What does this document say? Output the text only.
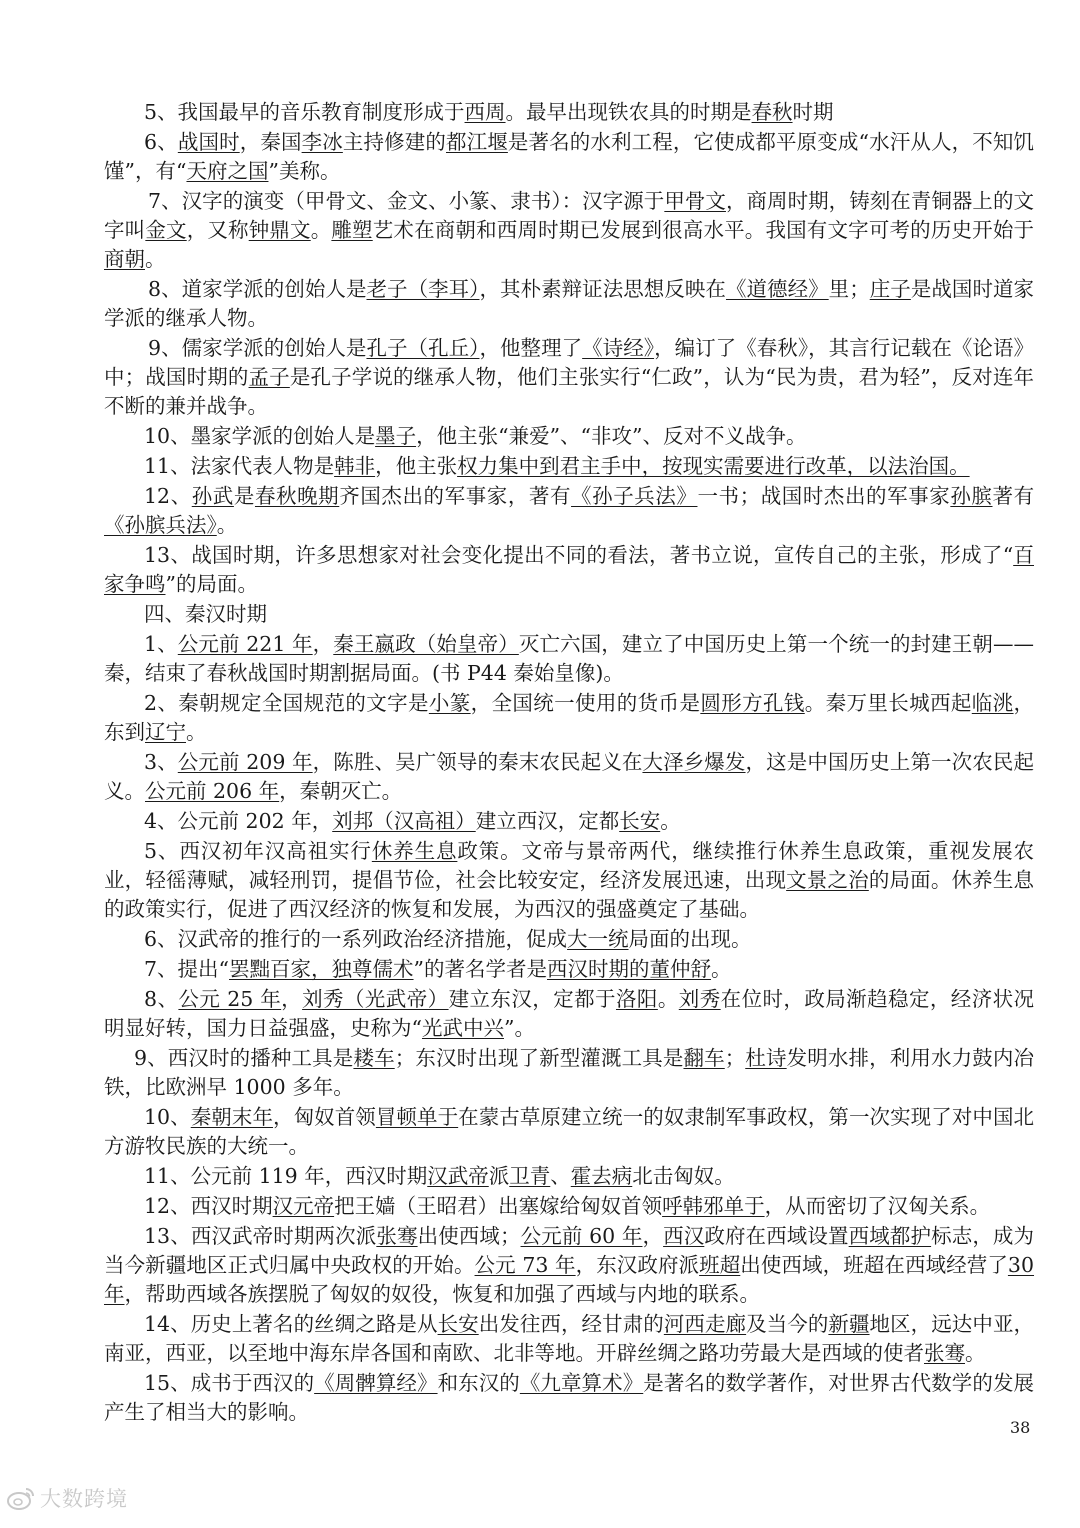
5、我国最早的音乐教育制度形成于西周。最早出现铁农具的时期是春秋时期

6、战国时，秦国李冰主持修建的都江堰是著名的水利工程，它使成都平原变成“水汗从人，不知饥馑”，有“天府之国”美称。

7、汉字的演变（甲骨文、金文、小篆、隶书）：汉字源于甲骨文，商周时期，铸刻在青铜器上的文字叫金文，又称钟鼎文。雕塑艺术在商朝和西周时期已发展到很高水平。我国有文字可考的历史开始于商朝。

8、道家学派的创始人是老子（李耳），其朴素辩证法思想反映在《道德经》里；庄子是战国时道家学派的继承人物。

9、儒家学派的创始人是孔子（孔丘），他整理了《诗经》，编订了《春秋》，其言行记载在《论语》中；战国时期的孟子是孔子学说的继承人物，他们主张实行“仁政”，认为“民为贵，君为轻”，反对连年不断的兼并战争。

10、墨家学派的创始人是墨子，他主张“兼爱”、“非攻”、反对不义战争。

11、法家代表人物是韩非，他主张权力集中到君主手中，按现实需要进行改革，以法治国。

12、孙武是春秋晚期齐国杰出的军事家，著有《孙子兵法》一书；战国时杰出的军事家孙膑著有《孙膑兵法》。

13、战国时期，许多思想家对社会变化提出不同的看法，著书立说，宣传自己的主张，形成了“百家争鸣”的局面。

四、秦汉时期

1、公元前 221 年，秦王嬴政（始皇帝）灭亡六国，建立了中国历史上第一个统一的封建王朝——秦，结束了春秋战国时期割据局面。(书 P44 秦始皇像)。

2、秦朝规定全国规范的文字是小篆，全国统一使用的货币是圆形方孔钱。秦万里长城西起临洮，东到辽宁。

3、公元前 209 年，陈胜、吴广领导的秦末农民起义在大泽乡爆发，这是中国历史上第一次农民起义。公元前 206 年，秦朝灭亡。

4、公元前 202 年，刘邦（汉高祖）建立西汉，定都长安。

5、西汉初年汉高祖实行休养生息政策。文帝与景帝两代，继续推行休养生息政策，重视发展农业，轻徭薄赋，减轻刑罚，提倡节俭，社会比较安定，经济发展迅速，出现文景之治的局面。休养生息的政策实行，促进了西汉经济的恢复和发展，为西汉的强盛奠定了基础。

6、汉武帝的推行的一系列政治经济措施，促成大一统局面的出现。

7、提出“罢黜百家，独尊儒术”的著名学者是西汉时期的董仲舒。

8、公元 25 年，刘秀（光武帝）建立东汉，定都于洛阳。刘秀在位时，政局渐趋稳定，经济状况明显好转，国力日益强盛，史称为“光武中兴”。

9、西汉时的播种工具是耧车；东汉时出现了新型灌溉工具是翻车；杜诗发明水排，利用水力鼓内冶铁，比欧洲早 1000 多年。

10、秦朝末年，匈奴首领冒顿单于在蒙古草原建立统一的奴隶制军事政权，第一次实现了对中国北方游牧民族的大统一。

11、公元前 119 年，西汉时期汉武帝派卫青、霍去病北击匈奴。

12、西汉时期汉元帝把王嫱（王昭君）出塞嫁给匈奴首领呼韩邪单于，从而密切了汉匈关系。

13、西汉武帝时期两次派张骞出使西域；公元前 60 年，西汉政府在西域设置西域都护标志，成为当今新疆地区正式归属中央政权的开始。公元 73 年，东汉政府派班超出使西域，班超在西域经营了30 年，帮助西域各族摆脱了匈奴的奴役，恢复和加强了西域与内地的联系。

14、历史上著名的丝绸之路是从长安出发往西，经甘肃的河西走廊及当今的新疆地区，远达中亚，南亚，西亚，以至地中海东岸各国和南欧、北非等地。开辟丝绸之路功劳最大是西域的使者张骞。

15、成书于西汉的《周髀算经》和东汉的《九章算术》是著名的数学著作，对世界古代数学的发展产生了相当大的影响。

38
大数跨境
